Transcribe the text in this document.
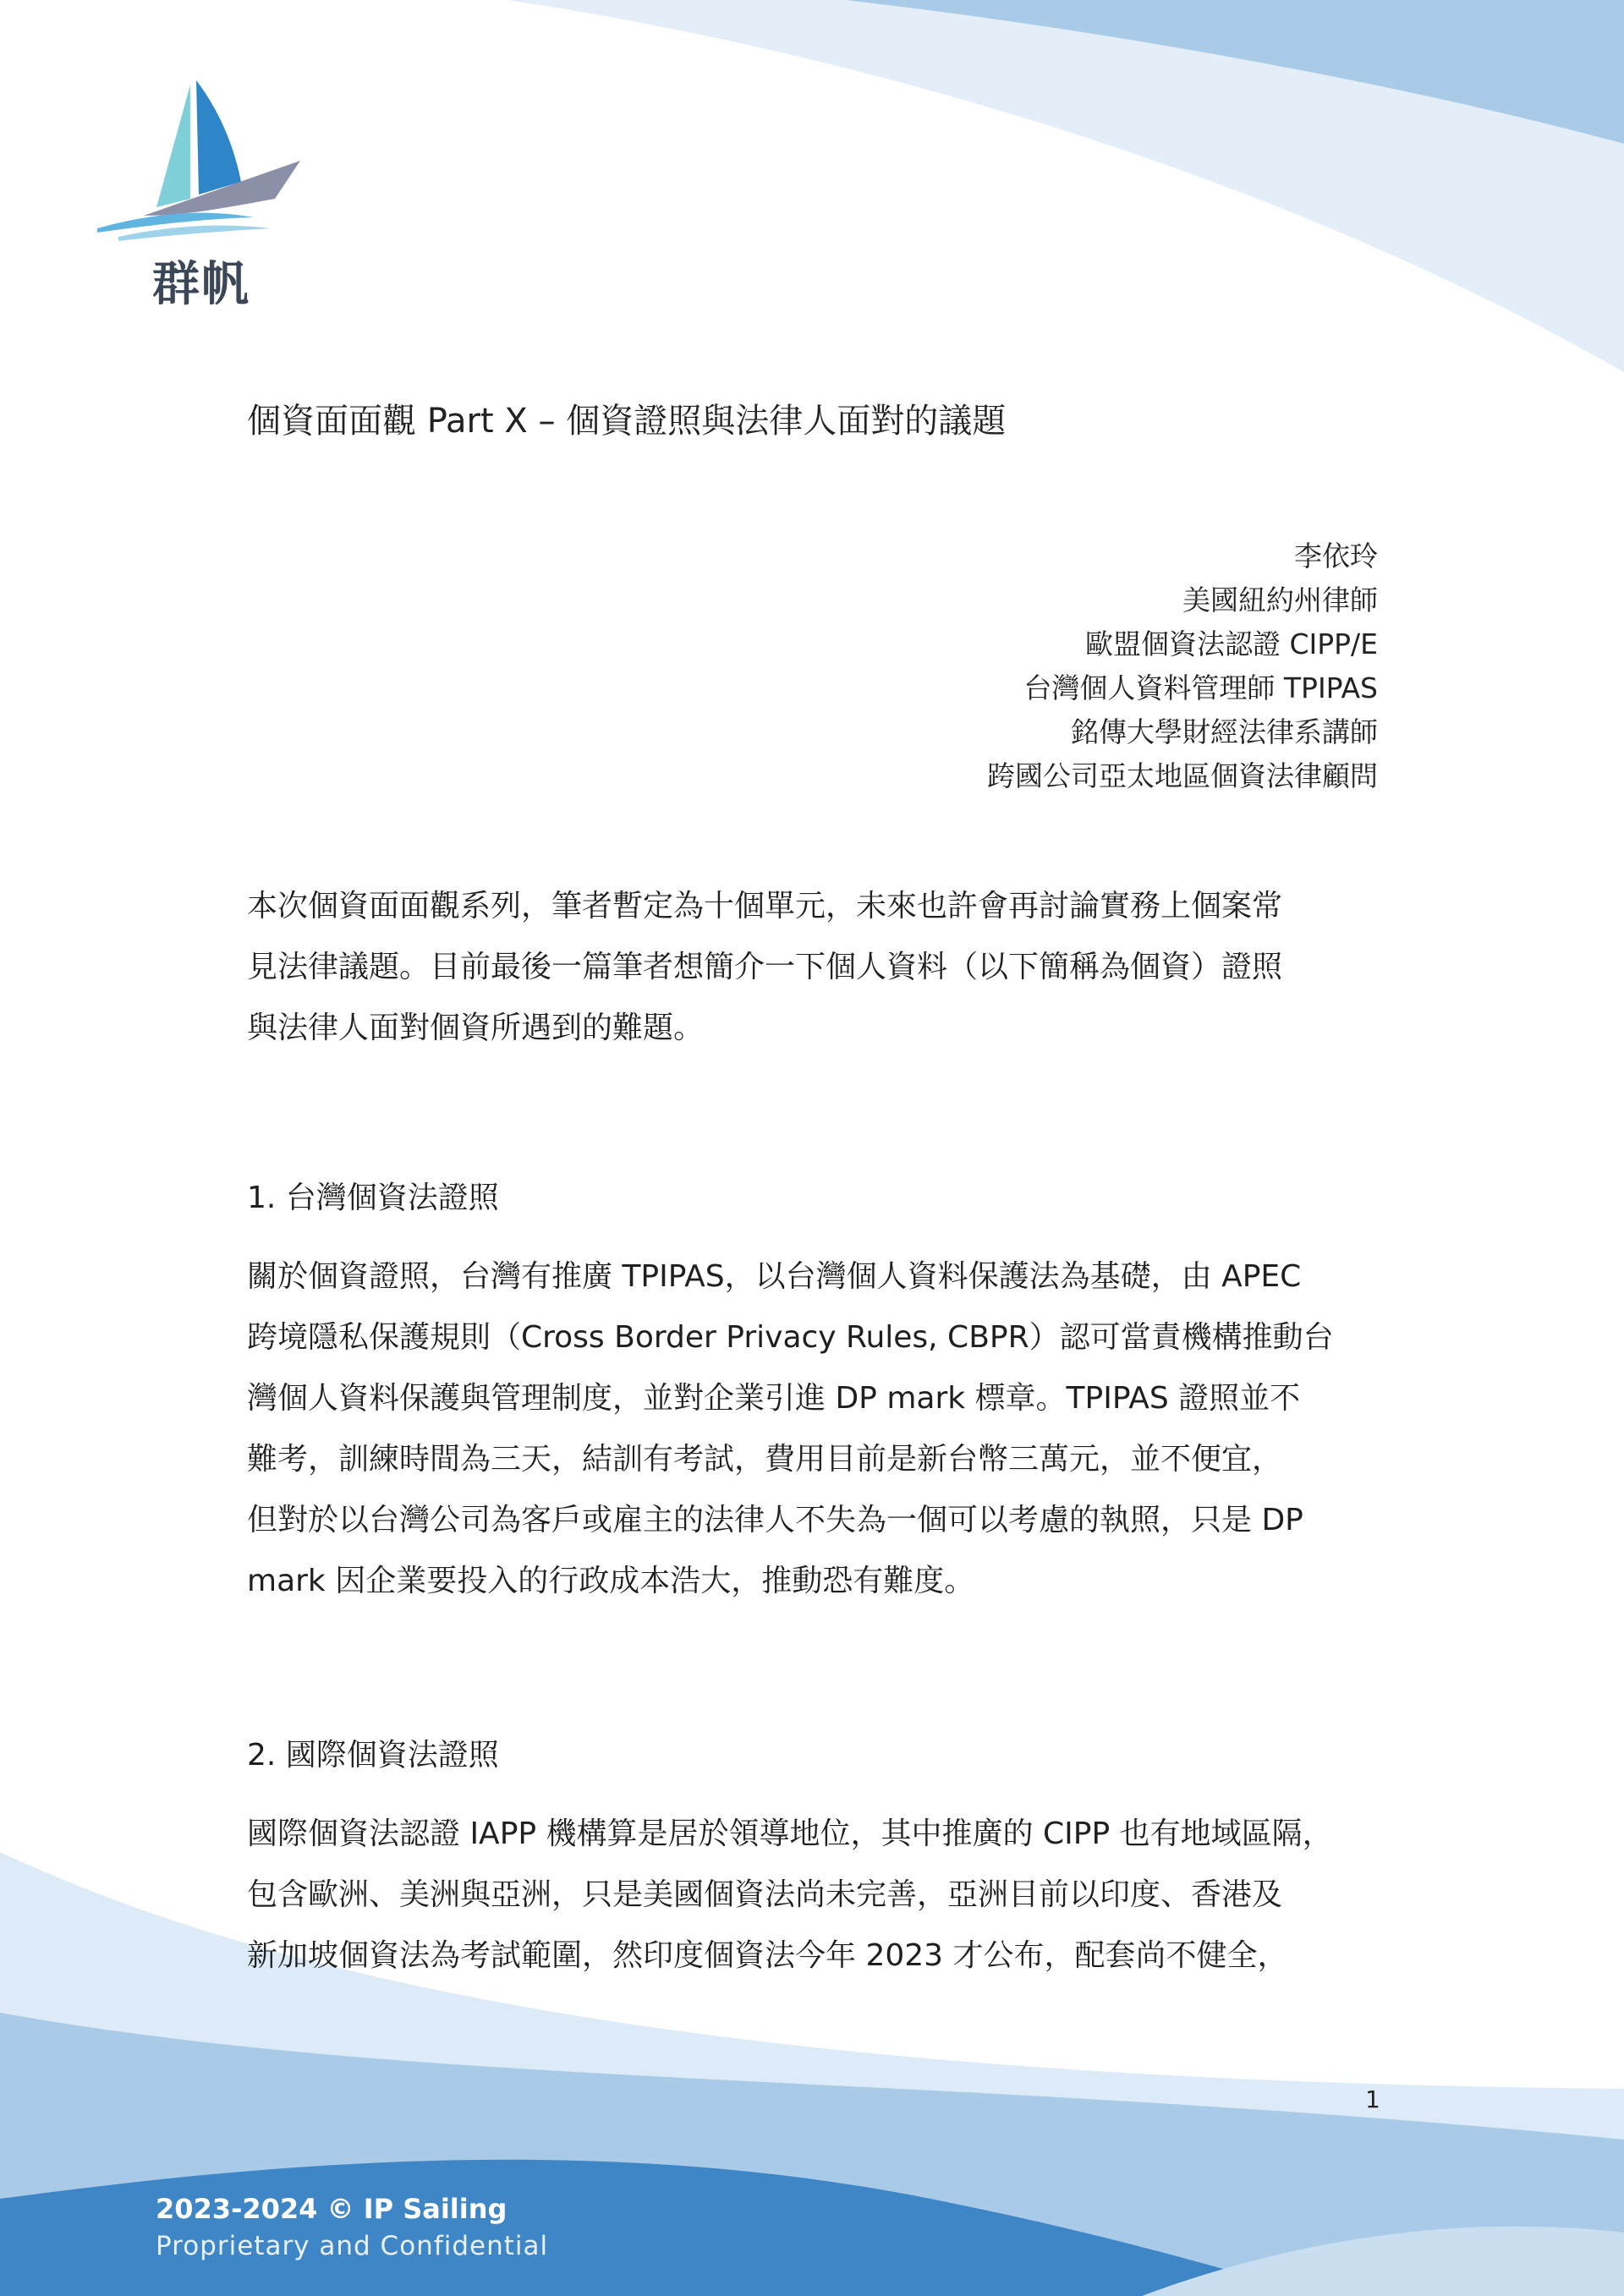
群帆

個資面面觀 Part X – 個資證照與法律人面對的議題
李依玲
美國紐約州律師
歐盟個資法認證 CIPP/E
台灣個人資料管理師 TPIPAS
銘傳大學財經法律系講師
跨國公司亞太地區個資法律顧問
本次個資面面觀系列，筆者暫定為十個單元，未來也許會再討論實務上個案常
見法律議題。目前最後一篇筆者想簡介一下個人資料（以下簡稱為個資）證照
與法律人面對個資所遇到的難題。
1. 台灣個資法證照
關於個資證照，台灣有推廣 TPIPAS，以台灣個人資料保護法為基礎，由 APEC
跨境隱私保護規則（Cross Border Privacy Rules, CBPR）認可當責機構推動台
灣個人資料保護與管理制度，並對企業引進 DP mark 標章。TPIPAS 證照並不
難考，訓練時間為三天，結訓有考試，費用目前是新台幣三萬元，並不便宜，
但對於以台灣公司為客戶或雇主的法律人不失為一個可以考慮的執照，只是 DP
mark 因企業要投入的行政成本浩大，推動恐有難度。
2. 國際個資法證照
國際個資法認證 IAPP 機構算是居於領導地位，其中推廣的 CIPP 也有地域區隔，
包含歐洲、美洲與亞洲，只是美國個資法尚未完善，亞洲目前以印度、香港及
新加坡個資法為考試範圍，然印度個資法今年 2023 才公布，配套尚不健全，
1
2023-2024 © IP Sailing
Proprietary and Confidential
